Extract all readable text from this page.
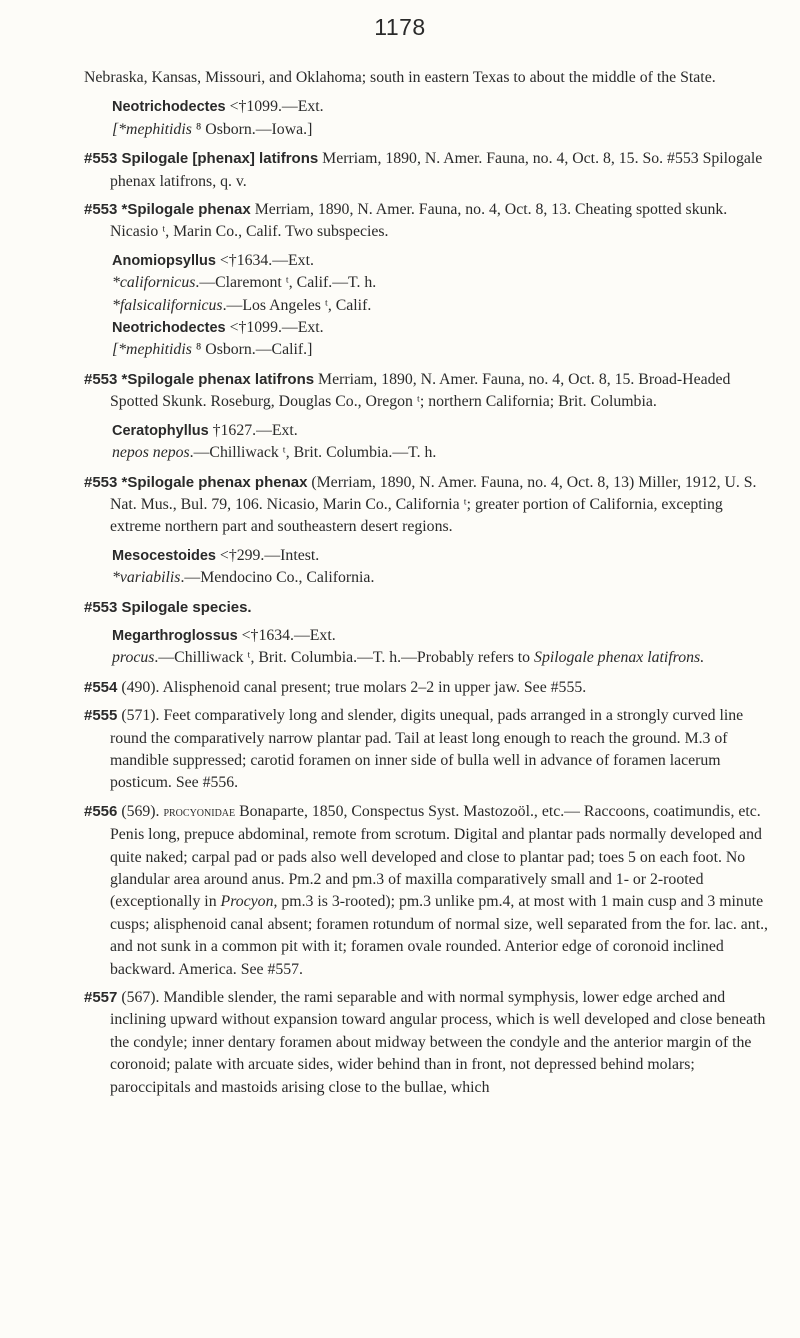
1178

Nebraska, Kansas, Missouri, and Oklahoma; south in eastern Texas to about the middle of the State.

Neotrichodectes <†1099.—Ext.

[*mephitidis ⁸ Osborn.—Iowa.]

#553 Spilogale [phenax] latifrons Merriam, 1890, N. Amer. Fauna, no. 4, Oct. 8, 15. So. #553 Spilogale phenax latifrons, q. v.

#553 *Spilogale phenax Merriam, 1890, N. Amer. Fauna, no. 4, Oct. 8, 13. Cheating spotted skunk. Nicasio ᵗ, Marin Co., Calif. Two subspecies.

Anomiopsyllus <†1634.—Ext.

*californicus.—Claremont ᵗ, Calif.—T. h.

*falsicalifornicus.—Los Angeles ᵗ, Calif.

Neotrichodectes <†1099.—Ext.

[*mephitidis ⁸ Osborn.—Calif.]

#553 *Spilogale phenax latifrons Merriam, 1890, N. Amer. Fauna, no. 4, Oct. 8, 15. Broad-Headed Spotted Skunk. Roseburg, Douglas Co., Oregon ᵗ; northern California; Brit. Columbia.

Ceratophyllus †1627.—Ext.

nepos nepos.—Chilliwack ᵗ, Brit. Columbia.—T. h.

#553 *Spilogale phenax phenax (Merriam, 1890, N. Amer. Fauna, no. 4, Oct. 8, 13) Miller, 1912, U. S. Nat. Mus., Bul. 79, 106. Nicasio, Marin Co., California ᵗ; greater portion of California, excepting extreme northern part and southeastern desert regions.

Mesocestoides <†299.—Intest.

*variabilis.—Mendocino Co., California.

#553 Spilogale species.

Megarthroglossus <†1634.—Ext.

procus.—Chilliwack ᵗ, Brit. Columbia.—T. h.—Probably refers to Spilogale phenax latifrons.

#554 (490). Alisphenoid canal present; true molars 2–2 in upper jaw. See #555.

#555 (571). Feet comparatively long and slender, digits unequal, pads arranged in a strongly curved line round the comparatively narrow plantar pad. Tail at least long enough to reach the ground. M.3 of mandible suppressed; carotid foramen on inner side of bulla well in advance of foramen lacerum posticum. See #556.

#556 (569). procyonidae Bonaparte, 1850, Conspectus Syst. Mastozoöl., etc.— Raccoons, coatimundis, etc. Penis long, prepuce abdominal, remote from scrotum. Digital and plantar pads normally developed and quite naked; carpal pad or pads also well developed and close to plantar pad; toes 5 on each foot. No glandular area around anus. Pm.2 and pm.3 of maxilla comparatively small and 1- or 2-rooted (exceptionally in Procyon, pm.3 is 3-rooted); pm.3 unlike pm.4, at most with 1 main cusp and 3 minute cusps; alisphenoid canal absent; foramen rotundum of normal size, well separated from the for. lac. ant., and not sunk in a common pit with it; foramen ovale rounded. Anterior edge of coronoid inclined backward. America. See #557.

#557 (567). Mandible slender, the rami separable and with normal symphysis, lower edge arched and inclining upward without expansion toward angular process, which is well developed and close beneath the condyle; inner dentary foramen about midway between the condyle and the anterior margin of the coronoid; palate with arcuate sides, wider behind than in front, not depressed behind molars; paroccipitals and mastoids arising close to the bullae, which
